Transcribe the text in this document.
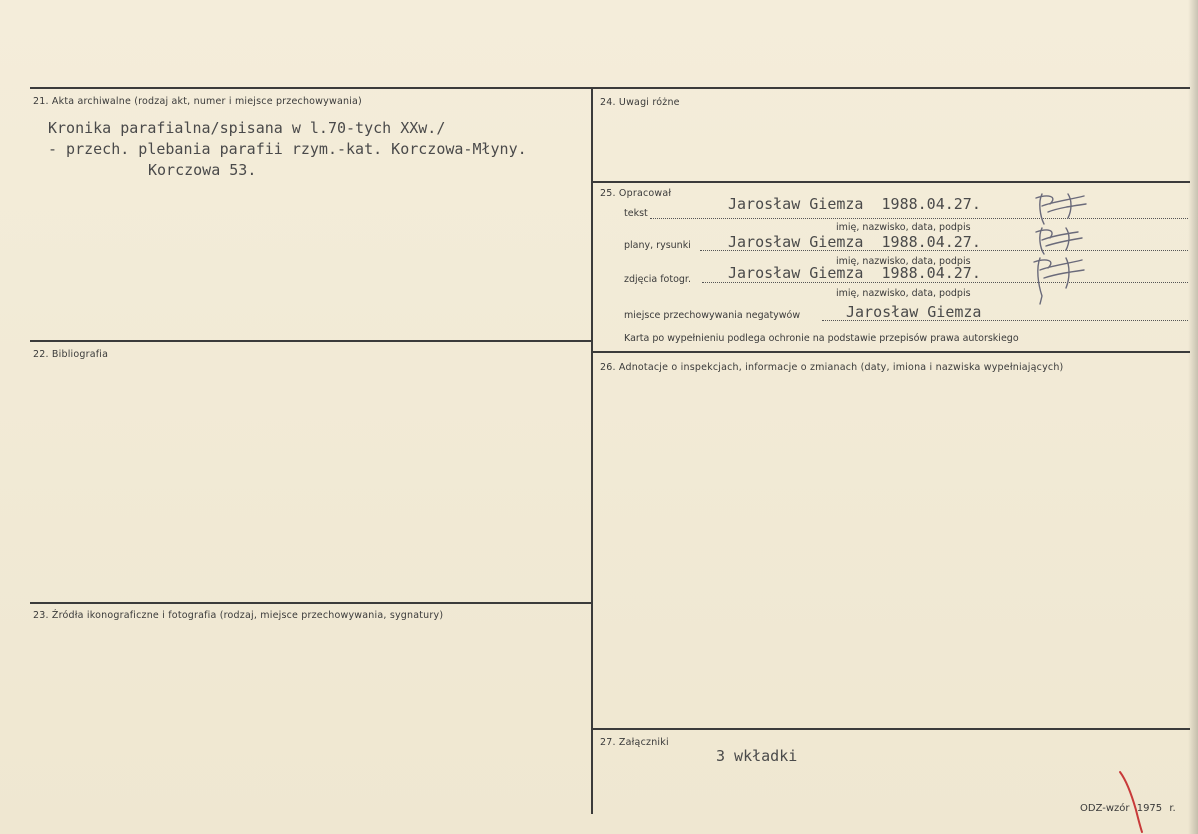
21. Akta archiwalne (rodzaj akt, numer i miejsce przechowywania)
Kronika parafialna/spisana w l.70-tych XXw./
- przech. plebania parafii rzym.-kat. Korczowa-Młyny.
Korczowa 53.
22. Bibliografia
23. Źródła ikonograficzne i fotografia (rodzaj, miejsce przechowywania, sygnatury)
24. Uwagi różne
25. Opracował
tekst
Jarosław Giemza  1988.04.27.
imię, nazwisko, data, podpis
plany, rysunki Jarosław Giemza  1988.04.27.
imię, nazwisko, data, podpis
zdjęcia fotogr. Jarosław Giemza  1988.04.27.
imię, nazwisko, data, podpis
miejsce przechowywania negatywów	Jarosław Giemza
Karta po wypełnieniu podlega ochronie na podstawie przepisów prawa autorskiego
26. Adnotacje o inspekcjach, informacje o zmianach (daty, imiona i nazwiska wypełniających)
27. Załączniki
3 wkładki
ODZ-wzór 1975 r.
